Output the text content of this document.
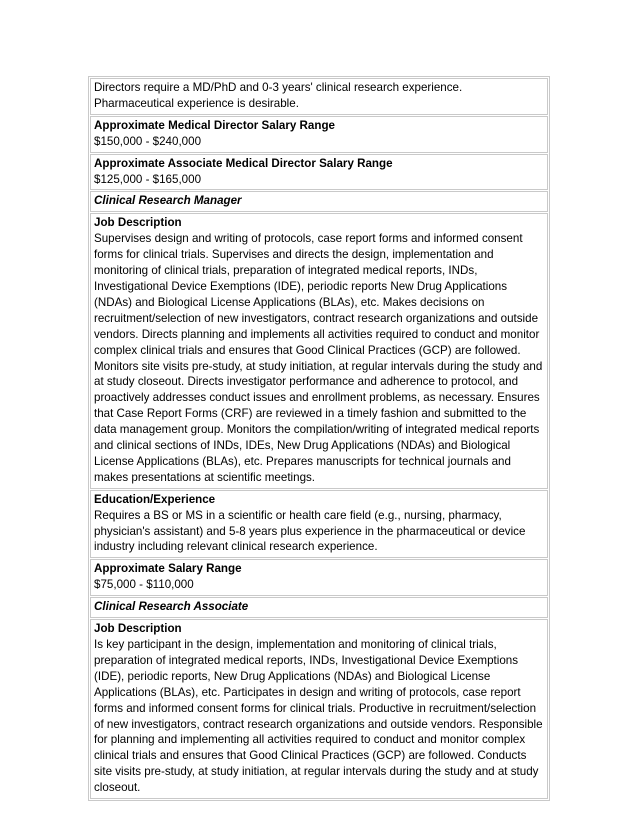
Directors require a MD/PhD and 0-3 years' clinical research experience. Pharmaceutical experience is desirable.
Approximate Medical Director Salary Range
$150,000 - $240,000
Approximate Associate Medical Director Salary Range
$125,000 - $165,000
Clinical Research Manager
Job Description
Supervises design and writing of protocols, case report forms and informed consent forms for clinical trials. Supervises and directs the design, implementation and monitoring of clinical trials, preparation of integrated medical reports, INDs, Investigational Device Exemptions (IDE), periodic reports New Drug Applications (NDAs) and Biological License Applications (BLAs), etc. Makes decisions on recruitment/selection of new investigators, contract research organizations and outside vendors. Directs planning and implements all activities required to conduct and monitor complex clinical trials and ensures that Good Clinical Practices (GCP) are followed. Monitors site visits pre-study, at study initiation, at regular intervals during the study and at study closeout. Directs investigator performance and adherence to protocol, and proactively addresses conduct issues and enrollment problems, as necessary. Ensures that Case Report Forms (CRF) are reviewed in a timely fashion and submitted to the data management group. Monitors the compilation/writing of integrated medical reports and clinical sections of INDs, IDEs, New Drug Applications (NDAs) and Biological License Applications (BLAs), etc. Prepares manuscripts for technical journals and makes presentations at scientific meetings.
Education/Experience
Requires a BS or MS in a scientific or health care field (e.g., nursing, pharmacy, physician's assistant) and 5-8 years plus experience in the pharmaceutical or device industry including relevant clinical research experience.
Approximate Salary Range
$75,000 - $110,000
Clinical Research Associate
Job Description
Is key participant in the design, implementation and monitoring of clinical trials, preparation of integrated medical reports, INDs, Investigational Device Exemptions (IDE), periodic reports, New Drug Applications (NDAs) and Biological License Applications (BLAs), etc. Participates in design and writing of protocols, case report forms and informed consent forms for clinical trials. Productive in recruitment/selection of new investigators, contract research organizations and outside vendors. Responsible for planning and implementing all activities required to conduct and monitor complex clinical trials and ensures that Good Clinical Practices (GCP) are followed. Conducts site visits pre-study, at study initiation, at regular intervals during the study and at study closeout.
